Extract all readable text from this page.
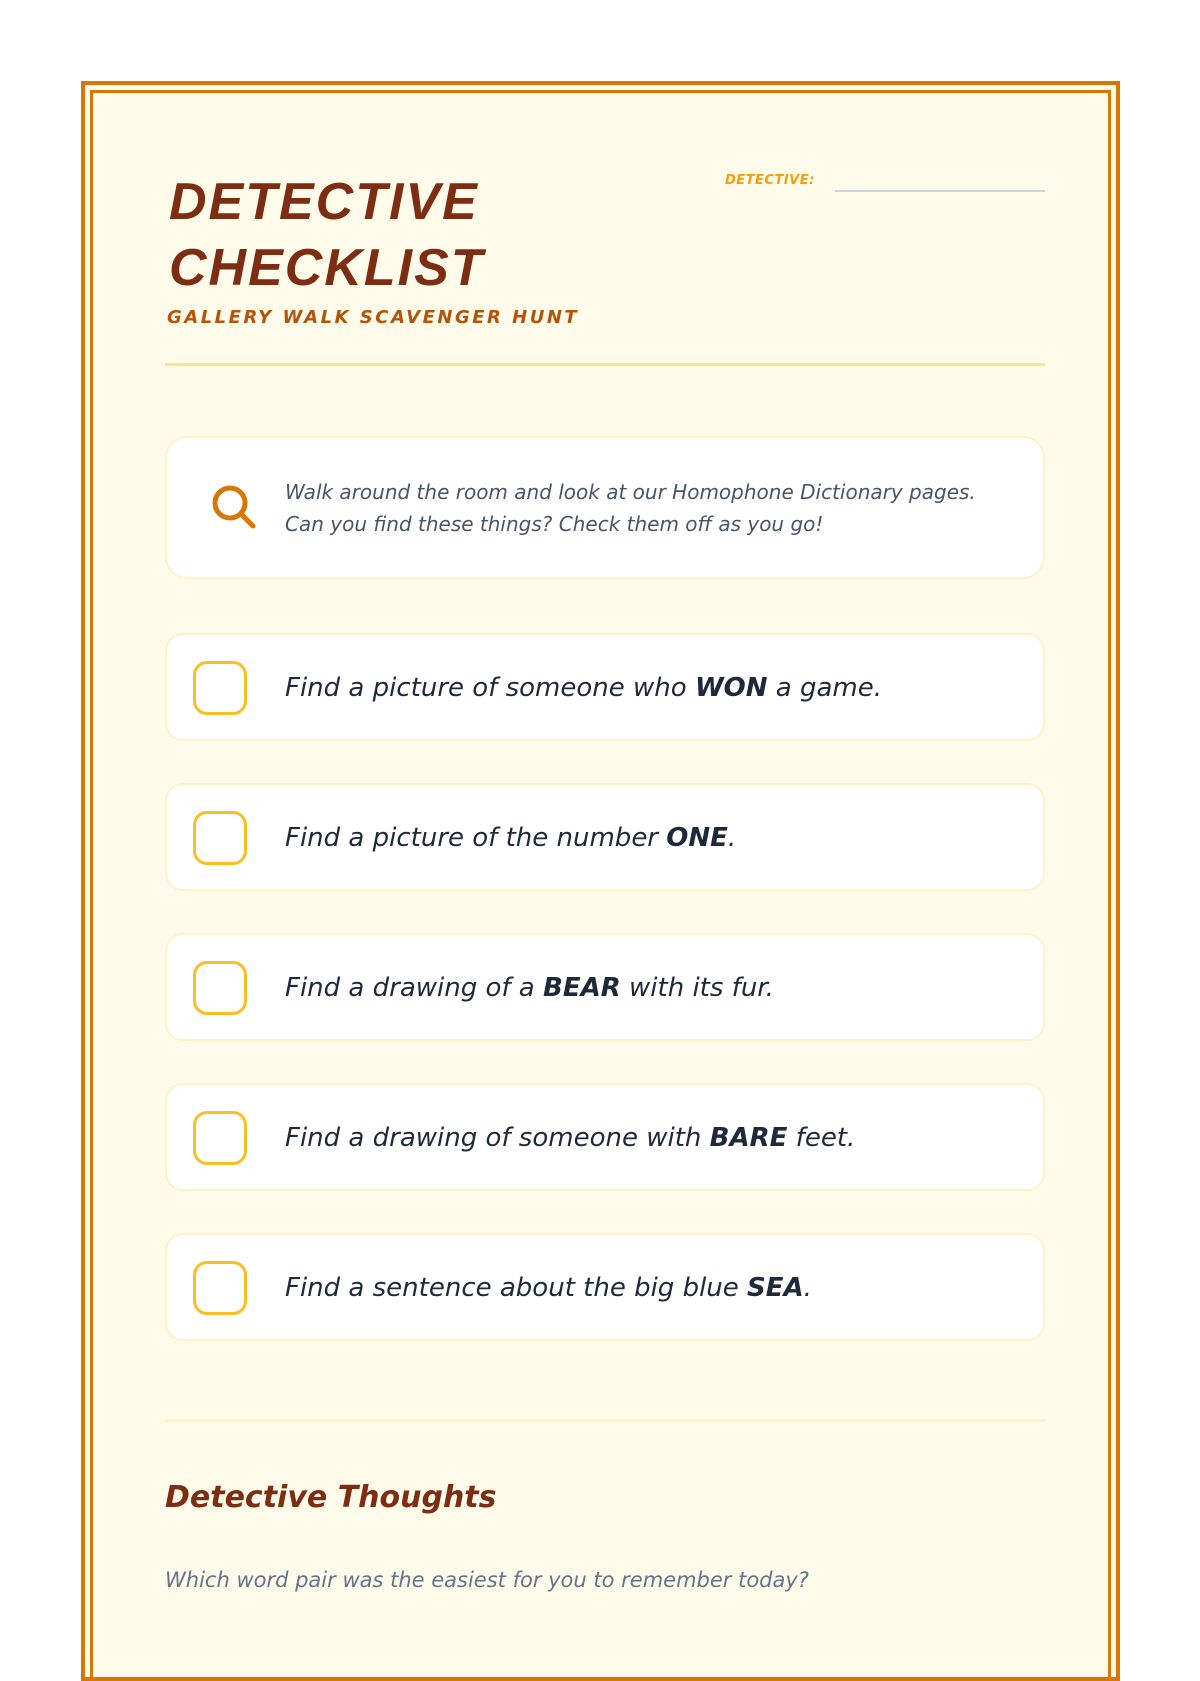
DETECTIVE
CHECKLIST
GALLERY WALK SCAVENGER HUNT
DETECTIVE:

Walk around the room and look at our Homophone Dictionary pages. Can you find these things? Check them off as you go!

Find a picture of someone who WON a game.
Find a picture of the number ONE.
Find a drawing of a BEAR with its fur.
Find a drawing of someone with BARE feet.
Find a sentence about the big blue SEA.
Detective Thoughts

Which word pair was the easiest for you to remember today?
